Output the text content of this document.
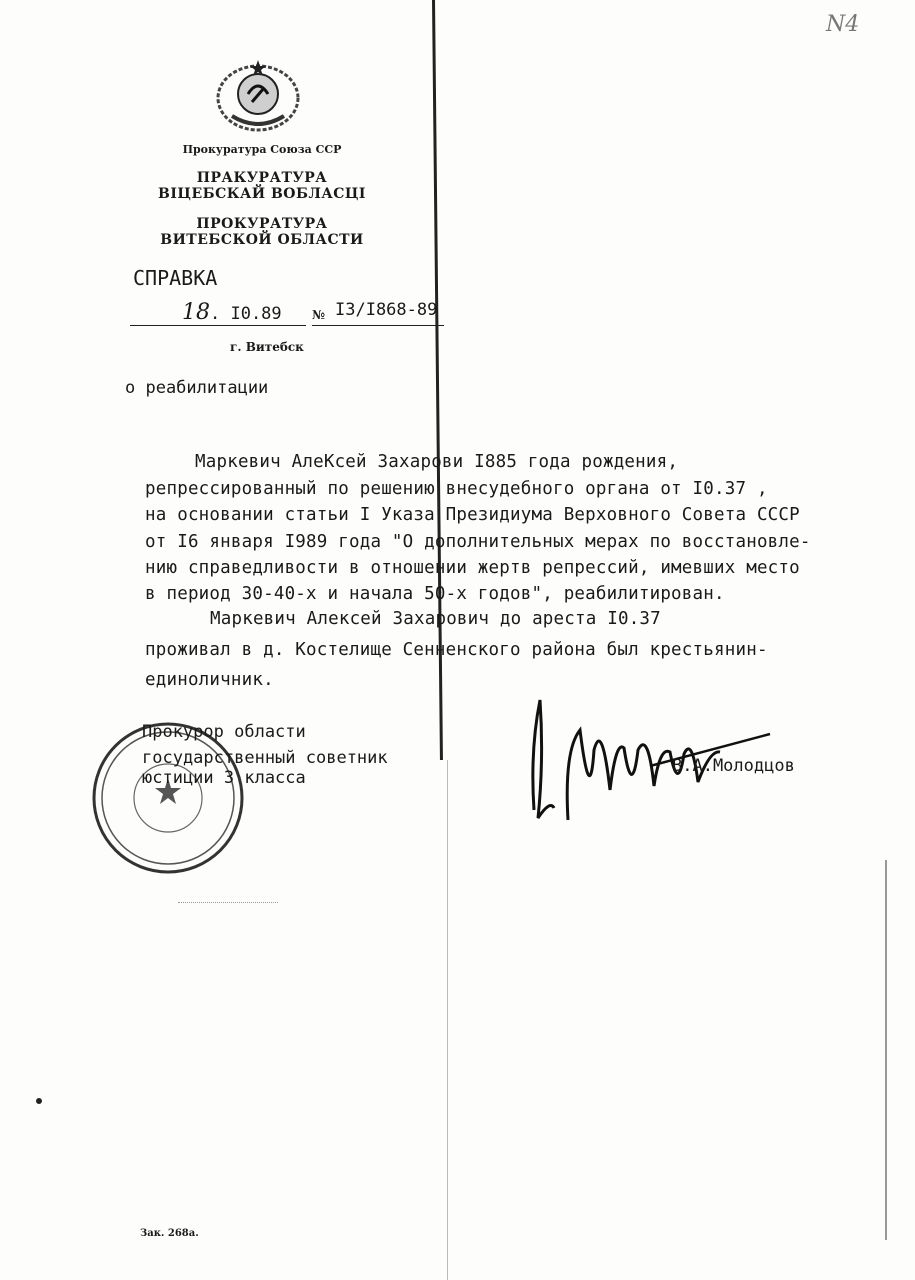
N4
Прокуратура Союза ССР
ПРАКУРАТУРА
ВIЦЕБСКАЙ ВОБЛАСЦI
ПРОКУРАТУРА
ВИТЕБСКОЙ ОБЛАСТИ
СПРАВКА
18. I0.89	№ I3/I868-89
г. Витебск
о реабилитации
Маркевич АлеКсей Захарови I885 года рождения,
репрессированный по решению внесудебного органа от I0.37 ,
на основании статьи I Указа Президиума Верховного Совета СССР
от I6 января I989 года "О дополнительных мерах по восстановле-
нию справедливости в отношении жертв репрессий, имевших место
в период 30-40-х и начала 50-х годов", реабилитирован.
Маркевич Алексей Захарович до ареста I0.37
проживал в д. Костелище Сенненского района был крестьянин-
единоличник.
Прокурор области
государственный советник
юстиции 3 класса
В.А.Молодцов
Зак. 268а.
